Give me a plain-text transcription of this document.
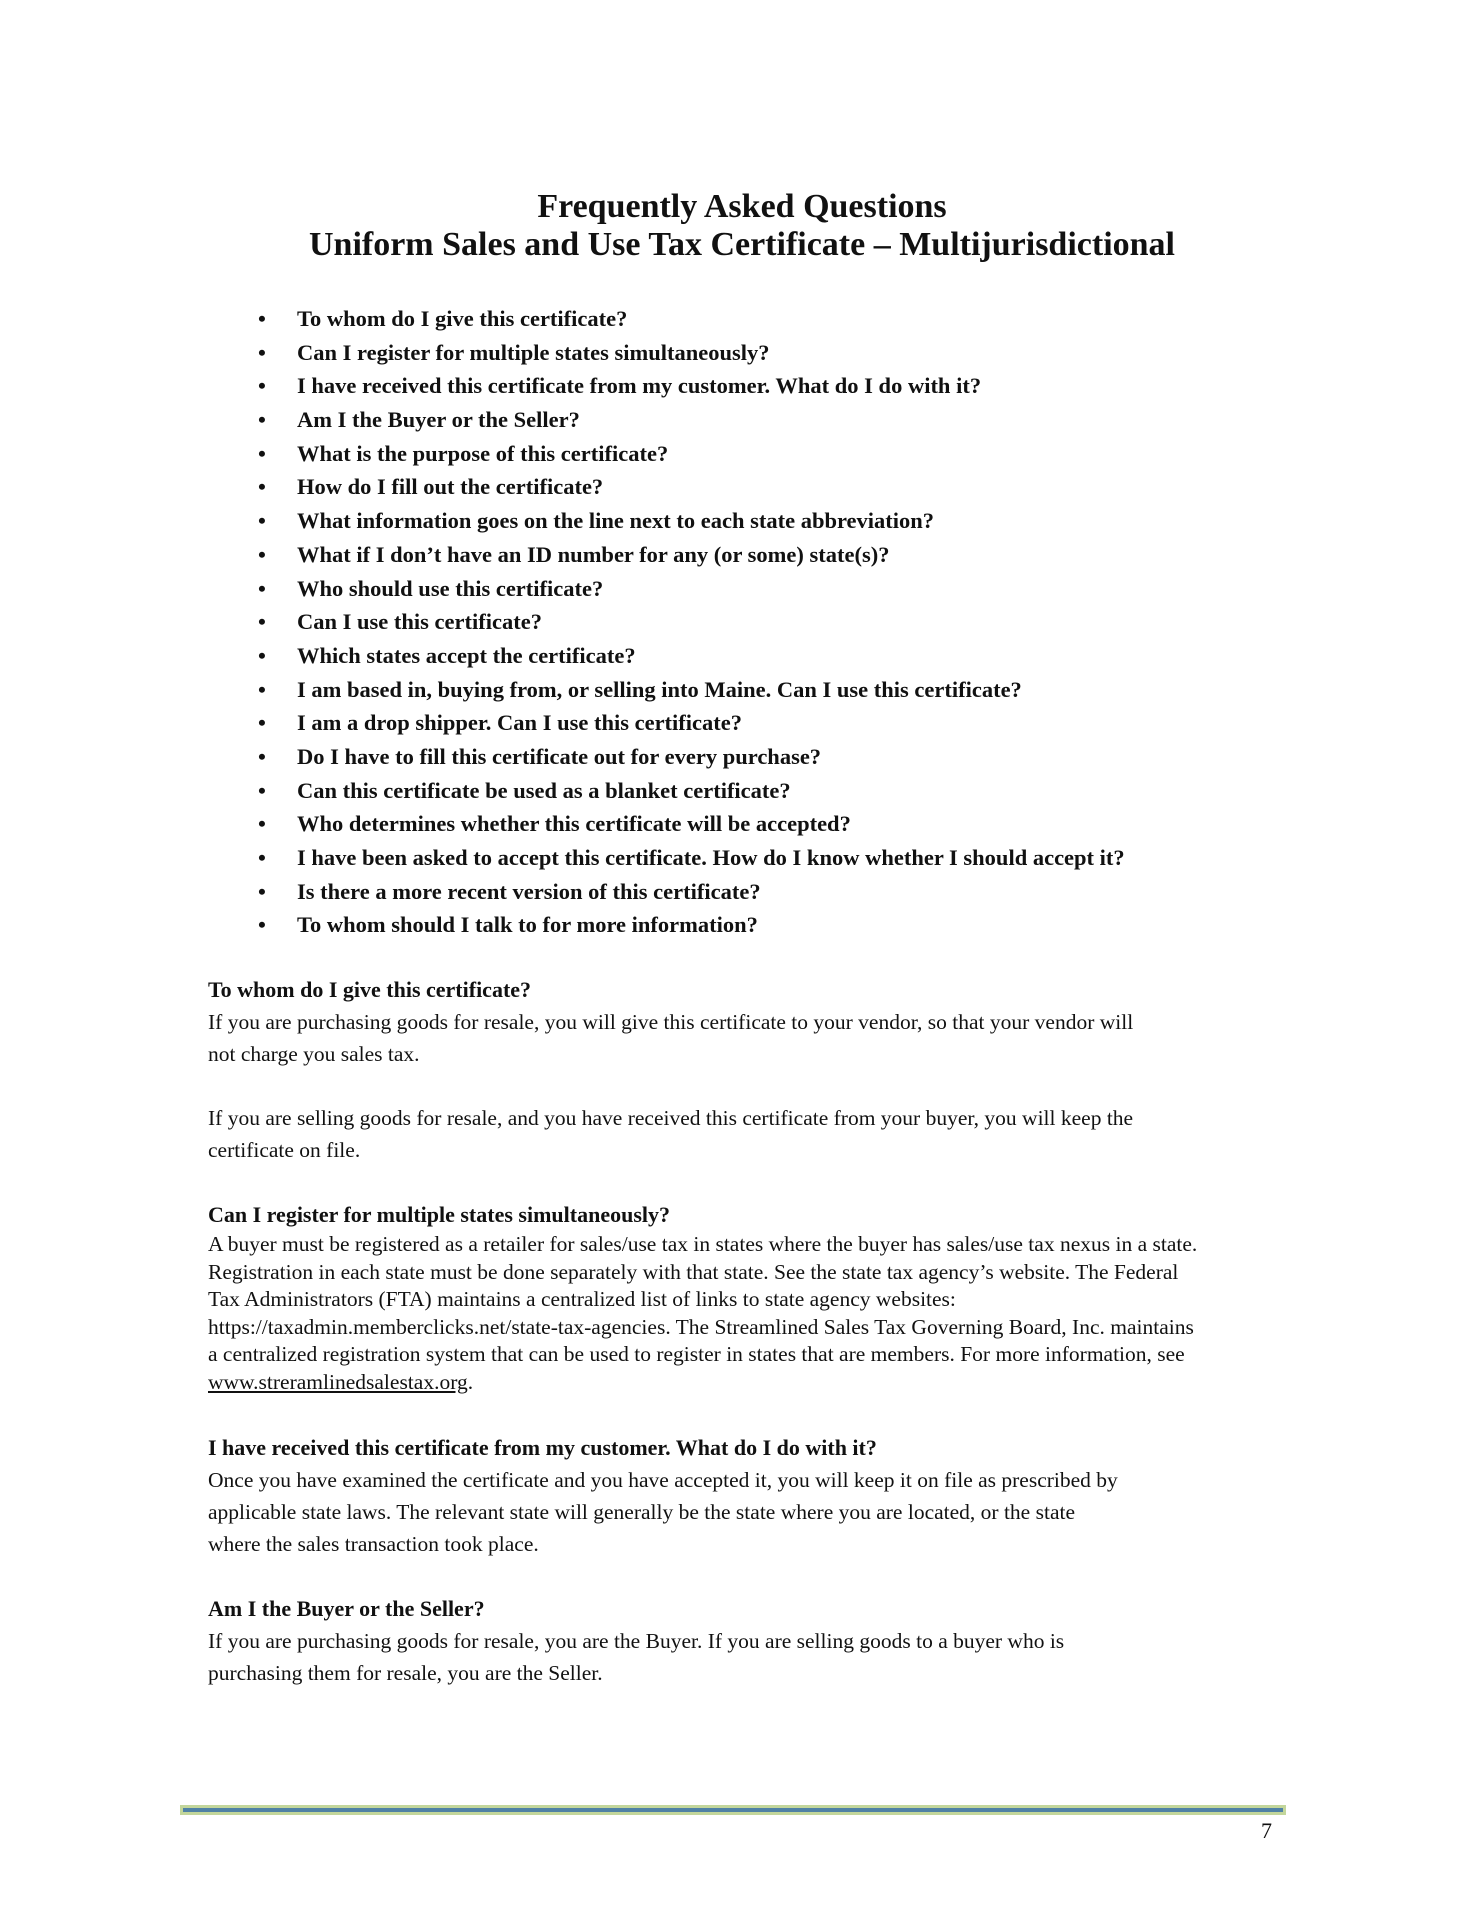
Frequently Asked Questions
Uniform Sales and Use Tax Certificate – Multijurisdictional
• To whom do I give this certificate?
• Can I register for multiple states simultaneously?
• I have received this certificate from my customer. What do I do with it?
• Am I the Buyer or the Seller?
• What is the purpose of this certificate?
• How do I fill out the certificate?
• What information goes on the line next to each state abbreviation?
• What if I don’t have an ID number for any (or some) state(s)?
• Who should use this certificate?
• Can I use this certificate?
• Which states accept the certificate?
• I am based in, buying from, or selling into Maine. Can I use this certificate?
• I am a drop shipper. Can I use this certificate?
• Do I have to fill this certificate out for every purchase?
• Can this certificate be used as a blanket certificate?
• Who determines whether this certificate will be accepted?
• I have been asked to accept this certificate. How do I know whether I should accept it?
• Is there a more recent version of this certificate?
• To whom should I talk to for more information?
To whom do I give this certificate?
If you are purchasing goods for resale, you will give this certificate to your vendor, so that your vendor will
not charge you sales tax.
If you are selling goods for resale, and you have received this certificate from your buyer, you will keep the
certificate on file.
Can I register for multiple states simultaneously?
A buyer must be registered as a retailer for sales/use tax in states where the buyer has sales/use tax nexus in a state.
Registration in each state must be done separately with that state. See the state tax agency’s website. The Federal
Tax Administrators (FTA) maintains a centralized list of links to state agency websites:
https://taxadmin.memberclicks.net/state-tax-agencies. The Streamlined Sales Tax Governing Board, Inc. maintains
a centralized registration system that can be used to register in states that are members. For more information, see
www.streramlinedsalestax.org.
I have received this certificate from my customer. What do I do with it?
Once you have examined the certificate and you have accepted it, you will keep it on file as prescribed by
applicable state laws. The relevant state will generally be the state where you are located, or the state
where the sales transaction took place.
Am I the Buyer or the Seller?
If you are purchasing goods for resale, you are the Buyer. If you are selling goods to a buyer who is
purchasing them for resale, you are the Seller.
7
